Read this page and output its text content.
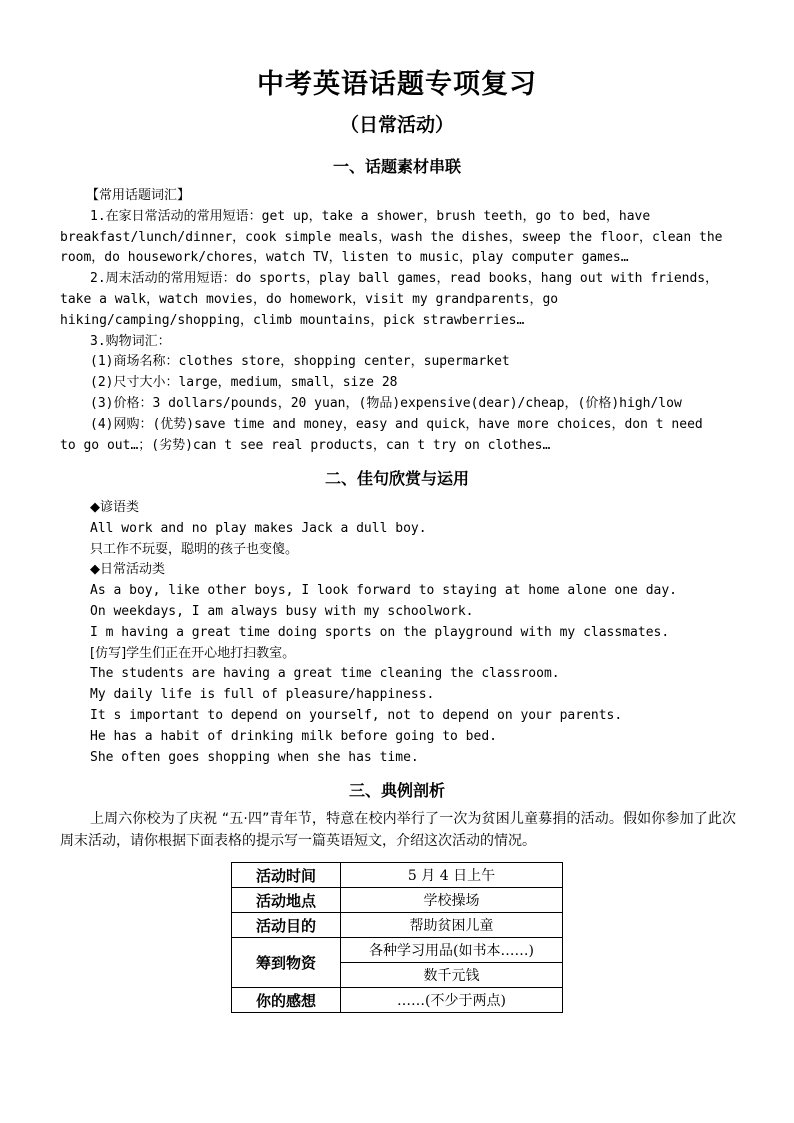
中考英语话题专项复习
（日常活动）
一、话题素材串联
【常用话题词汇】
1.在家日常活动的常用短语：get up，take a shower，brush teeth，go to bed，have
breakfast/lunch/dinner，cook simple meals，wash the dishes，sweep the floor，clean the
room，do housework/chores，watch TV，listen to music，play computer games…
2.周末活动的常用短语：do sports，play ball games，read books，hang out with friends，
take a walk，watch movies，do homework，visit my grandparents，go
hiking/camping/shopping，climb mountains，pick strawberries…
3.购物词汇：
(1)商场名称：clothes store，shopping center，supermarket
(2)尺寸大小：large，medium，small，size 28
(3)价格：3 dollars/pounds，20 yuan，(物品)expensive(dear)/cheap，(价格)high/low
(4)网购：(优势)save time and money，easy and quick，have more choices，don t need
to go out…；(劣势)can t see real products，can t try on clothes…
二、佳句欣赏与运用
◆谚语类
All work and no play makes Jack a dull boy.
只工作不玩耍，聪明的孩子也变傻。
◆日常活动类
As a boy, like other boys, I look forward to staying at home alone one day.
On weekdays, I am always busy with my schoolwork.
I m having a great time doing sports on the playground with my classmates.
[仿写]学生们正在开心地打扫教室。
The students are having a great time cleaning the classroom.
My daily life is full of pleasure/happiness.
It s important to depend on yourself, not to depend on your parents.
He has a habit of drinking milk before going to bed.
She often goes shopping when she has time.
三、典例剖析
上周六你校为了庆祝 “五·四”青年节，特意在校内举行了一次为贫困儿童募捐的活动。假如你参加了此次周末活动，请你根据下面表格的提示写一篇英语短文，介绍这次活动的情况。
活动时间	5 月 4 日上午
活动地点	学校操场
活动目的	帮助贫困儿童
筹到物资	各种学习用品(如书本……)
	数千元钱
你的感想	……(不少于两点)
